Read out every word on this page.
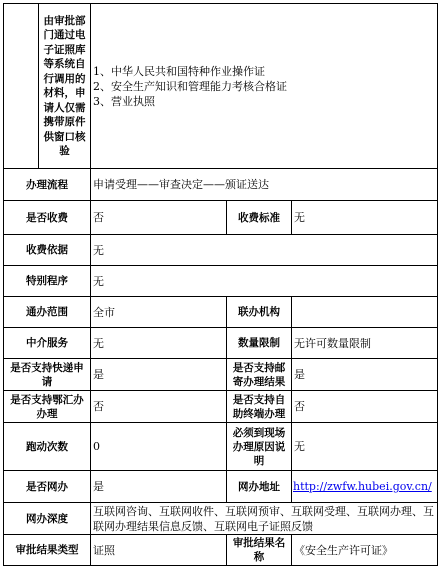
	由审批部门通过电子证照库等系统自行调用的材料，申请人仅需携带原件供窗口核验	1、中华人民共和国特种作业操作证
2、安全生产知识和管理能力考核合格证
3、营业执照		

办理流程		申请受理——审查决定——颁证送达		
是否收费		否	收费标准	无
收费依据		无		
特别程序		无		
通办范围		全市	联办机构	
中介服务		无	数量限制	无许可数量限制
是否支持快递申请		是	是否支持邮寄办理结果	是
是否支持鄂汇办办理		否	是否支持自助终端办理	否
跑动次数		0	必须到现场办理原因说明	无
是否网办		是	网办地址	http://zwfw.hubei.gov.cn/
网办深度		互联网咨询、互联网收件、互联网预审、互联网受理、互联网办理、互联网办理结果信息反馈、互联网电子证照反馈		
审批结果类型		证照	审批结果名称	《安全生产许可证》
